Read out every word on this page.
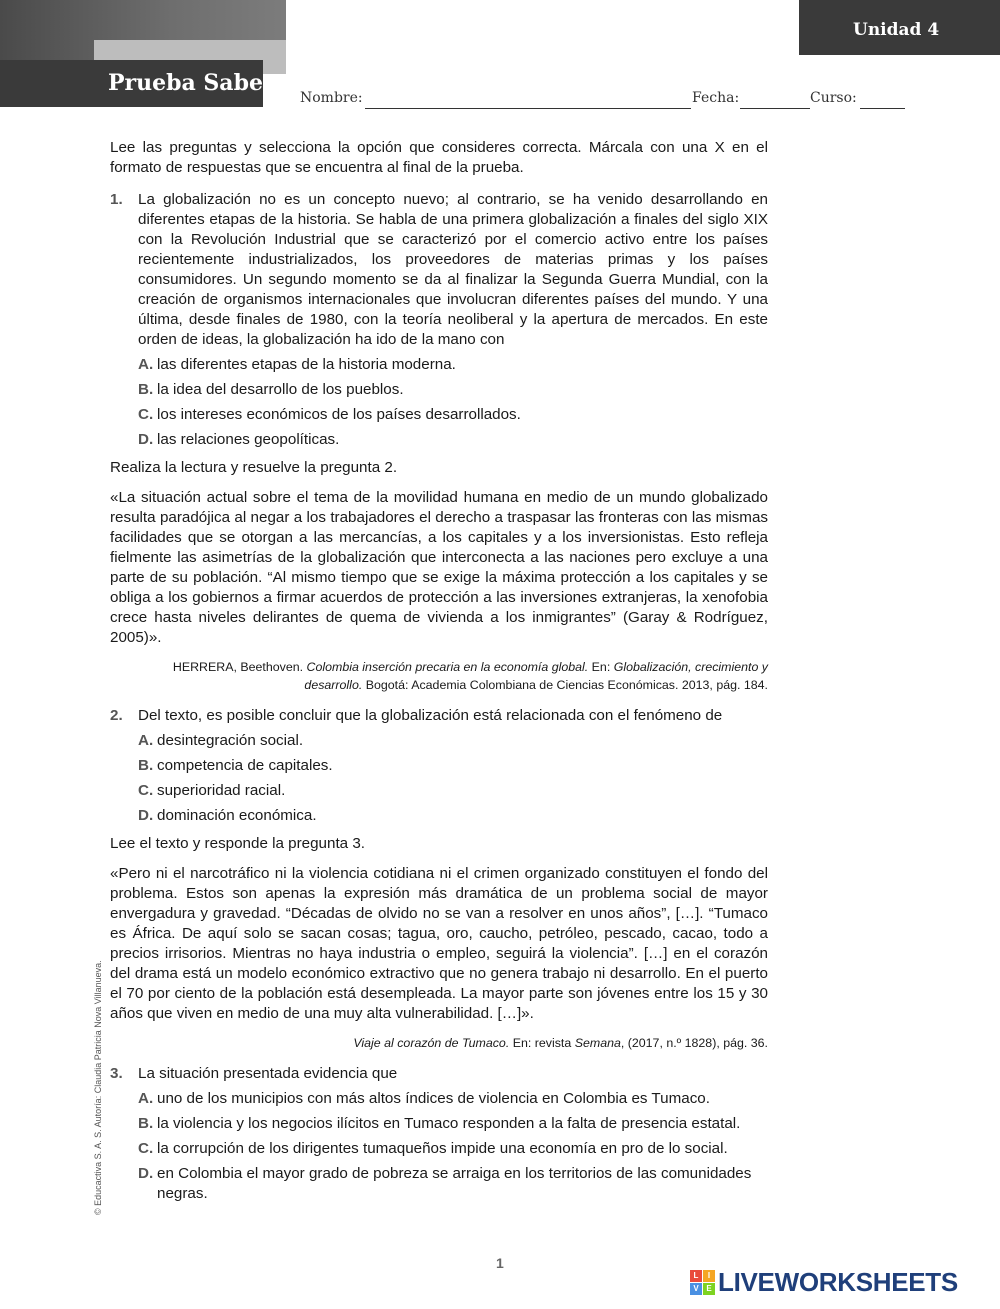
Prueba Saber
Unidad 4
Nombre:	Fecha:	Curso:

Lee las preguntas y selecciona la opción que consideres correcta. Márcala con una X en el formato de respuestas que se encuentra al final de la prueba.

1.	La globalización no es un concepto nuevo; al contrario, se ha venido desarrollando en diferentes etapas de la historia. Se habla de una primera globalización a finales del siglo XIX con la Revolución Industrial que se caracterizó por el comercio activo entre los países recientemente industrializados, los proveedores de materias primas y los países consumidores. Un segundo momento se da al finalizar la Segunda Guerra Mundial, con la creación de organismos internacionales que involucran diferentes países del mundo. Y una última, desde finales de 1980, con la teoría neoliberal y la apertura de mercados. En este orden de ideas, la globalización ha ido de la mano con
A. las diferentes etapas de la historia moderna.
B. la idea del desarrollo de los pueblos.
C. los intereses económicos de los países desarrollados.
D. las relaciones geopolíticas.

Realiza la lectura y resuelve la pregunta 2.

«La situación actual sobre el tema de la movilidad humana en medio de un mundo globalizado resulta paradójica al negar a los trabajadores el derecho a traspasar las fronteras con las mismas facilidades que se otorgan a las mercancías, a los capitales y a los inversionistas. Esto refleja fielmente las asimetrías de la globalización que interconecta a las naciones pero excluye a una parte de su población. “Al mismo tiempo que se exige la máxima protección a los capitales y se obliga a los gobiernos a firmar acuerdos de protección a las inversiones extranjeras, la xenofobia crece hasta niveles delirantes de quema de vivienda a los inmigrantes” (Garay & Rodríguez, 2005)».

HERRERA, Beethoven. Colombia inserción precaria en la economía global. En: Globalización, crecimiento y desarrollo. Bogotá: Academia Colombiana de Ciencias Económicas. 2013, pág. 184.
2.	Del texto, es posible concluir que la globalización está relacionada con el fenómeno de
A. desintegración social.
B. competencia de capitales.
C. superioridad racial.
D. dominación económica.

Lee el texto y responde la pregunta 3.

«Pero ni el narcotráfico ni la violencia cotidiana ni el crimen organizado constituyen el fondo del problema. Estos son apenas la expresión más dramática de un problema social de mayor envergadura y gravedad. “Décadas de olvido no se van a resolver en unos años”, […]. “Tumaco es África. De aquí solo se sacan cosas; tagua, oro, caucho, petróleo, pescado, cacao, todo a precios irrisorios. Mientras no haya industria o empleo, seguirá la violencia”. […] en el corazón del drama está un modelo económico extractivo que no genera trabajo ni desarrollo. En el puerto el 70 por ciento de la población está desempleada. La mayor parte son jóvenes entre los 15 y 30 años que viven en medio de una muy alta vulnerabilidad. […]».

Viaje al corazón de Tumaco. En: revista Semana, (2017, n.º 1828), pág. 36.
3.	La situación presentada evidencia que
A. uno de los municipios con más altos índices de violencia en Colombia es Tumaco.
B. la violencia y los negocios ilícitos en Tumaco responden a la falta de presencia estatal.
C. la corrupción de los dirigentes tumaqueños impide una economía en pro de lo social.
D. en Colombia el mayor grado de pobreza se arraiga en los territorios de las comunidades negras.
© Educactiva S. A. S. Autoría: Claudia Patricia Nova Villanueva.
1
L	I
V E LIVEWORKSHEETS
